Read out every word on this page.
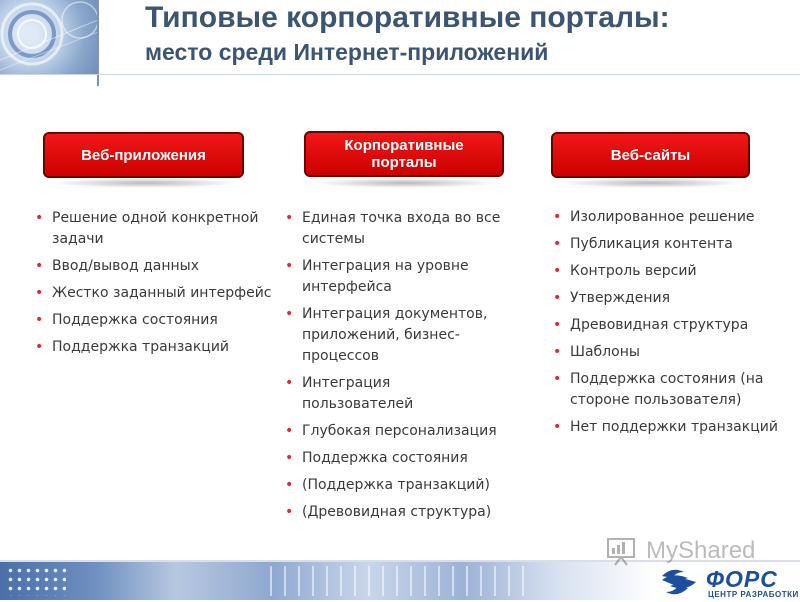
Типовые корпоративные порталы:
место среди Интернет-приложений
Веб-приложения
• Решение одной конкретной задачи
• Ввод/вывод данных
• Жестко заданный интерфейс
• Поддержка состояния
• Поддержка транзакций
Корпоративные порталы
• Единая точка входа во все системы
• Интеграция на уровне интерфейса
• Интеграция документов, приложений, бизнес-процессов
• Интеграция пользователей
• Глубокая персонализация
• Поддержка состояния
• (Поддержка транзакций)
• (Древовидная структура)
Веб-сайты
• Изолированное решение
• Публикация контента
• Контроль версий
• Утверждения
• Древовидная структура
• Шаблоны
• Поддержка состояния (на стороне пользователя)
• Нет поддержки транзакций
MyShared
ФОРС
ЦЕНТР РАЗРАБОТКИ
